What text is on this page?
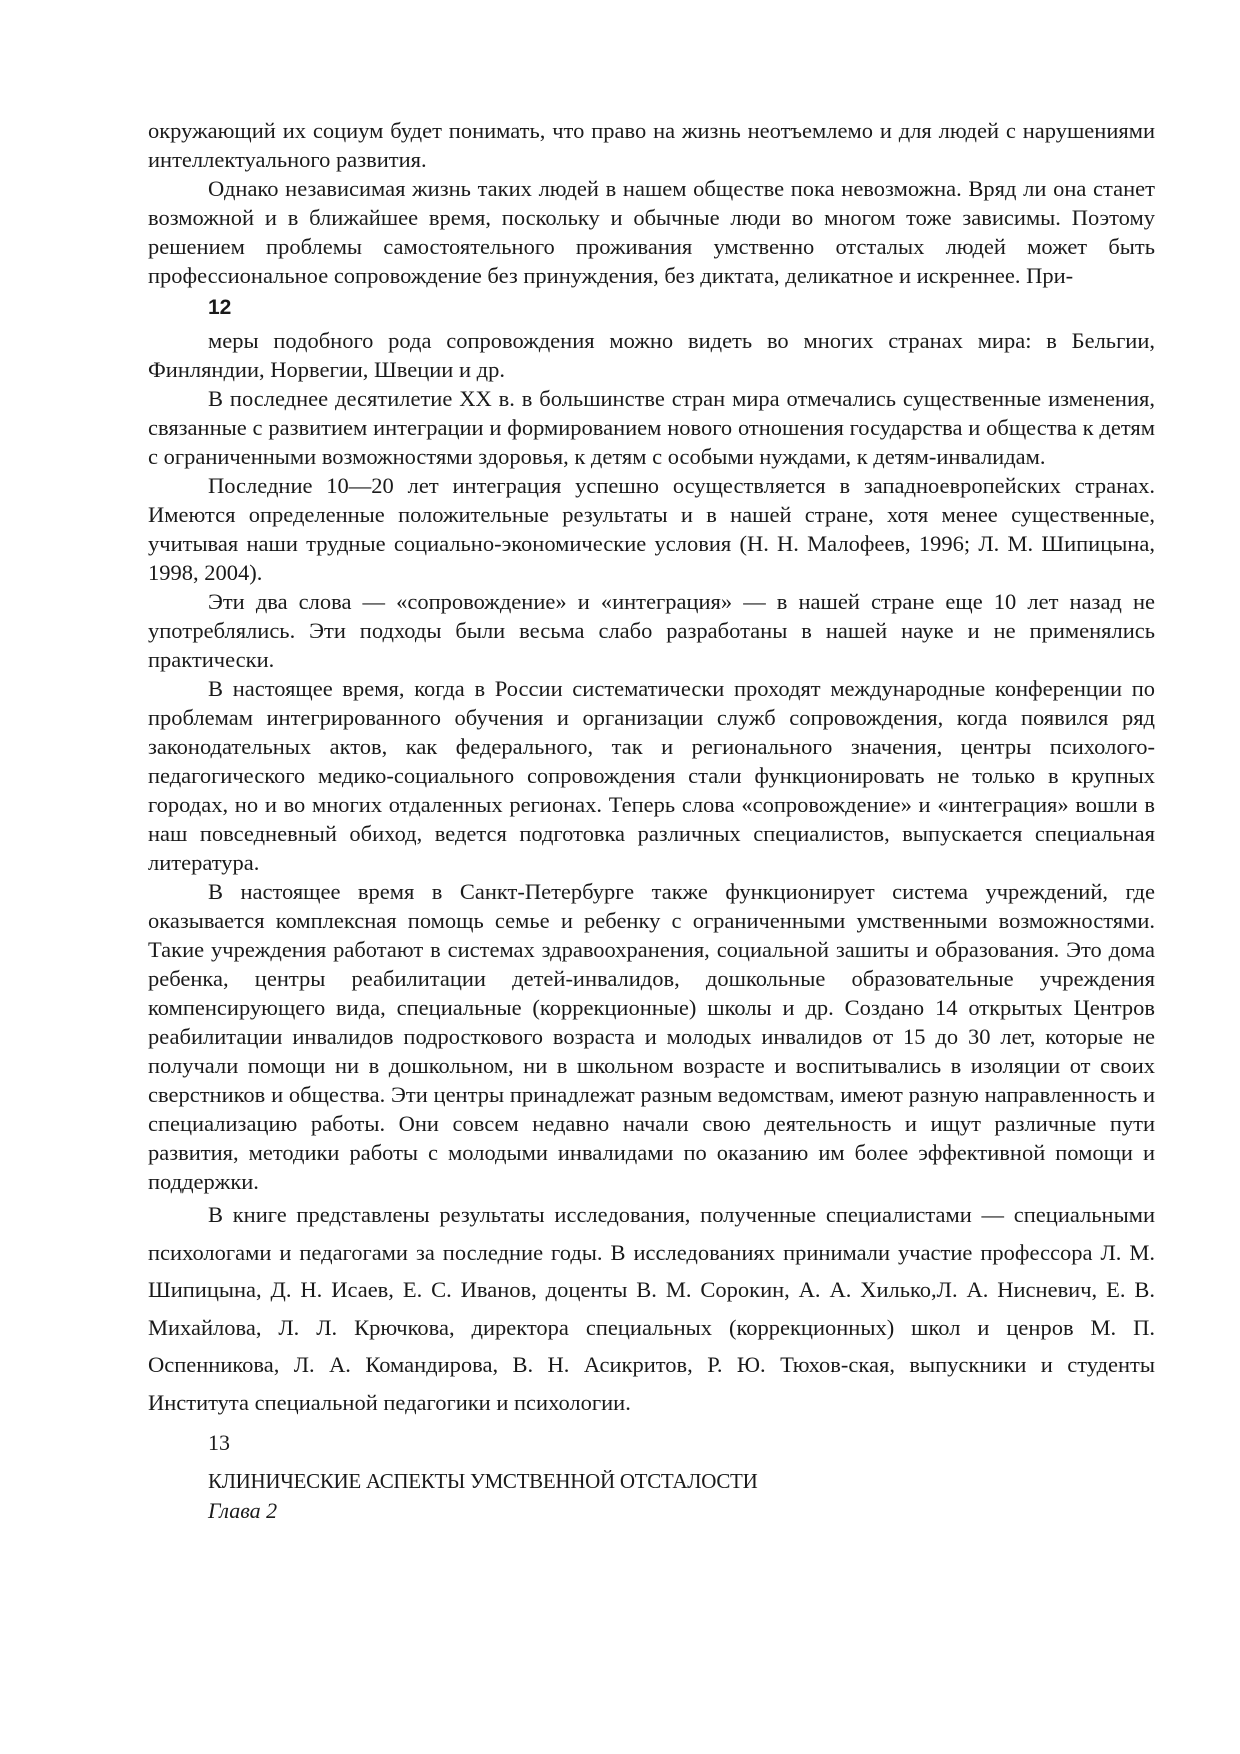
окружающий их социум будет понимать, что право на жизнь неотъемлемо и для людей с нарушениями интеллектуального развития.

Однако независимая жизнь таких людей в нашем обществе пока невозможна. Вряд ли она станет возможной и в ближайшее время, поскольку и обычные люди во многом тоже зависимы. Поэтому решением проблемы самостоятельного проживания умственно отсталых людей может быть профессиональное сопровождение без принуждения, без диктата, деликатное и искреннее. При-

12

меры подобного рода сопровождения можно видеть во многих странах мира: в Бельгии, Финляндии, Норвегии, Швеции и др.

В последнее десятилетие XX в. в большинстве стран мира отмечались существенные изменения, связанные с развитием интеграции и формированием нового отношения государства и общества к детям с ограниченными возможностями здоровья, к детям с особыми нуждами, к детям-инвалидам.

Последние 10—20 лет интеграция успешно осуществляется в западноевропейских странах. Имеются определенные положительные результаты и в нашей стране, хотя менее существенные, учитывая наши трудные социально-экономические условия (Н. Н. Малофеев, 1996; Л. М. Шипицына, 1998, 2004).

Эти два слова — «сопровождение» и «интеграция» — в нашей стране еще 10 лет назад не употреблялись. Эти подходы были весьма слабо разработаны в нашей науке и не применялись практически.

В настоящее время, когда в России систематически проходят международные конференции по проблемам интегрированного обучения и организации служб сопровождения, когда появился ряд законодательных актов, как федерального, так и регионального значения, центры психолого-педагогического медико-социального сопровождения стали функционировать не только в крупных городах, но и во многих отдаленных регионах. Теперь слова «сопровождение» и «интеграция» вошли в наш повседневный обиход, ведется подготовка различных специалистов, выпускается специальная литература.

В настоящее время в Санкт-Петербурге также функционирует система учреждений, где оказывается комплексная помощь семье и ребенку с ограниченными умственными возможностями. Такие учреждения работают в системах здравоохранения, социальной зашиты и образования. Это дома ребенка, центры реабилитации детей-инвалидов, дошкольные образовательные учреждения компенсирующего вида, специальные (коррекционные) школы и др. Создано 14 открытых Центров реабилитации инвалидов подросткового возраста и молодых инвалидов от 15 до 30 лет, которые не получали помощи ни в дошкольном, ни в школьном возрасте и воспитывались в изоляции от своих сверстников и общества. Эти центры принадлежат разным ведомствам, имеют разную направленность и специализацию работы. Они совсем недавно начали свою деятельность и ищут различные пути развития, методики работы с молодыми инвалидами по оказанию им более эффективной помощи и поддержки.

В книге представлены результаты исследования, полученные специалистами — специальными психологами и педагогами за последние годы. В исследованиях принимали участие профессора Л. М. Шипицына, Д. Н. Исаев, Е. С. Иванов, доценты В. М. Сорокин, А. А. Хилько,Л. А. Нисневич, Е. В. Михайлова, Л. Л. Крючкова, директора специальных (коррекционных) школ и ценров М. П. Оспенникова, Л. А. Командирова, В. Н. Асикритов, Р. Ю. Тюхов-ская, выпускники и студенты Института специальной педагогики и психологии.

13

КЛИНИЧЕСКИЕ АСПЕКТЫ УМСТВЕННОЙ ОТСТАЛОСТИ

Глава 2
